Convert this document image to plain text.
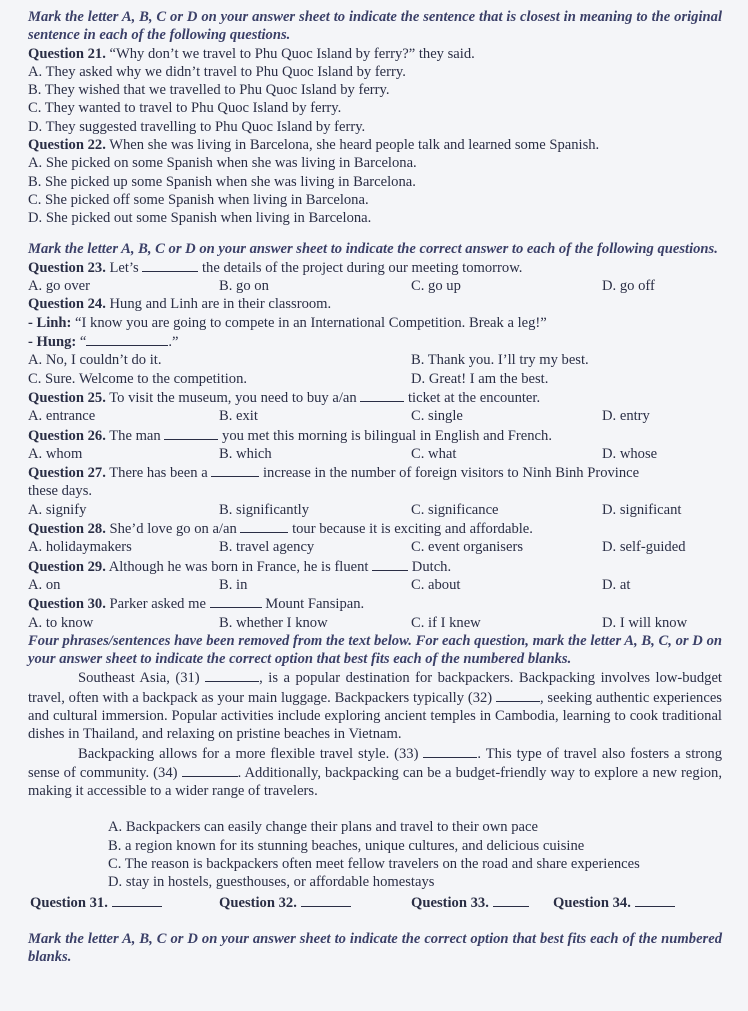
Mark the letter A, B, C or D on your answer sheet to indicate the sentence that is closest in meaning to the original sentence in each of the following questions.
Question 21. “Why don’t we travel to Phu Quoc Island by ferry?” they said.
A. They asked why we didn’t travel to Phu Quoc Island by ferry.
B. They wished that we travelled to Phu Quoc Island by ferry.
C. They wanted to travel to Phu Quoc Island by ferry.
D. They suggested travelling to Phu Quoc Island by ferry.
Question 22. When she was living in Barcelona, she heard people talk and learned some Spanish.
A. She picked on some Spanish when she was living in Barcelona.
B. She picked up some Spanish when she was living in Barcelona.
C. She picked off some Spanish when living in Barcelona.
D. She picked out some Spanish when living in Barcelona.
Mark the letter A, B, C or D on your answer sheet to indicate the correct answer to each of the following questions.
Question 23. Let’s	the details of the project during our meeting tomorrow.
A. go over	B. go on	C. go up	D. go off
Question 24. Hung and Linh are in their classroom.
- Linh: “I know you are going to compete in an International Competition. Break a leg!”
- Hung: “	.”
A. No, I couldn’t do it.	B. Thank you. I’ll try my best.
C. Sure. Welcome to the competition.	D. Great! I am the best.
Question 25. To visit the museum, you need to buy a/an	ticket at the encounter.
A. entrance	B. exit	C. single	D. entry
Question 26. The man	you met this morning is bilingual in English and French.
A. whom	B. which	C. what	D. whose
Question 27. There has been a	increase in the number of foreign visitors to Ninh Binh Province
these days.
A. signify	B. significantly	C. significance	D. significant
Question 28. She’d love go on a/an	tour because it is exciting and affordable.
A. holidaymakers	B. travel agency	C. event organisers	D. self-guided
Question 29. Although he was born in France, he is fluent	Dutch.
A. on	B. in	C. about	D. at
Question 30. Parker asked me	Mount Fansipan.
A. to know	B. whether I know	C. if I knew	D. I will know
Four phrases/sentences have been removed from the text below. For each question, mark the letter A, B, C, or D on your answer sheet to indicate the correct option that best fits each of the numbered blanks.
Southeast Asia, (31)	, is a popular destination for backpackers. Backpacking involves low-budget travel, often with a backpack as your main luggage. Backpackers typically (32)	, seeking authentic experiences and cultural immersion. Popular activities include exploring ancient temples in Cambodia, learning to cook traditional dishes in Thailand, and relaxing on pristine beaches in Vietnam.
Backpacking allows for a more flexible travel style. (33)	. This type of travel also fosters a strong sense of community. (34)	. Additionally, backpacking can be a budget-friendly way to explore a new region, making it accessible to a wider range of travelers.
A. Backpackers can easily change their plans and travel to their own pace
B. a region known for its stunning beaches, unique cultures, and delicious cuisine
C. The reason is backpackers often meet fellow travelers on the road and share experiences
D. stay in hostels, guesthouses, or affordable homestays
Question 31.	Question 32.	Question 33.	Question 34.
Mark the letter A, B, C or D on your answer sheet to indicate the correct option that best fits each of the numbered blanks.
